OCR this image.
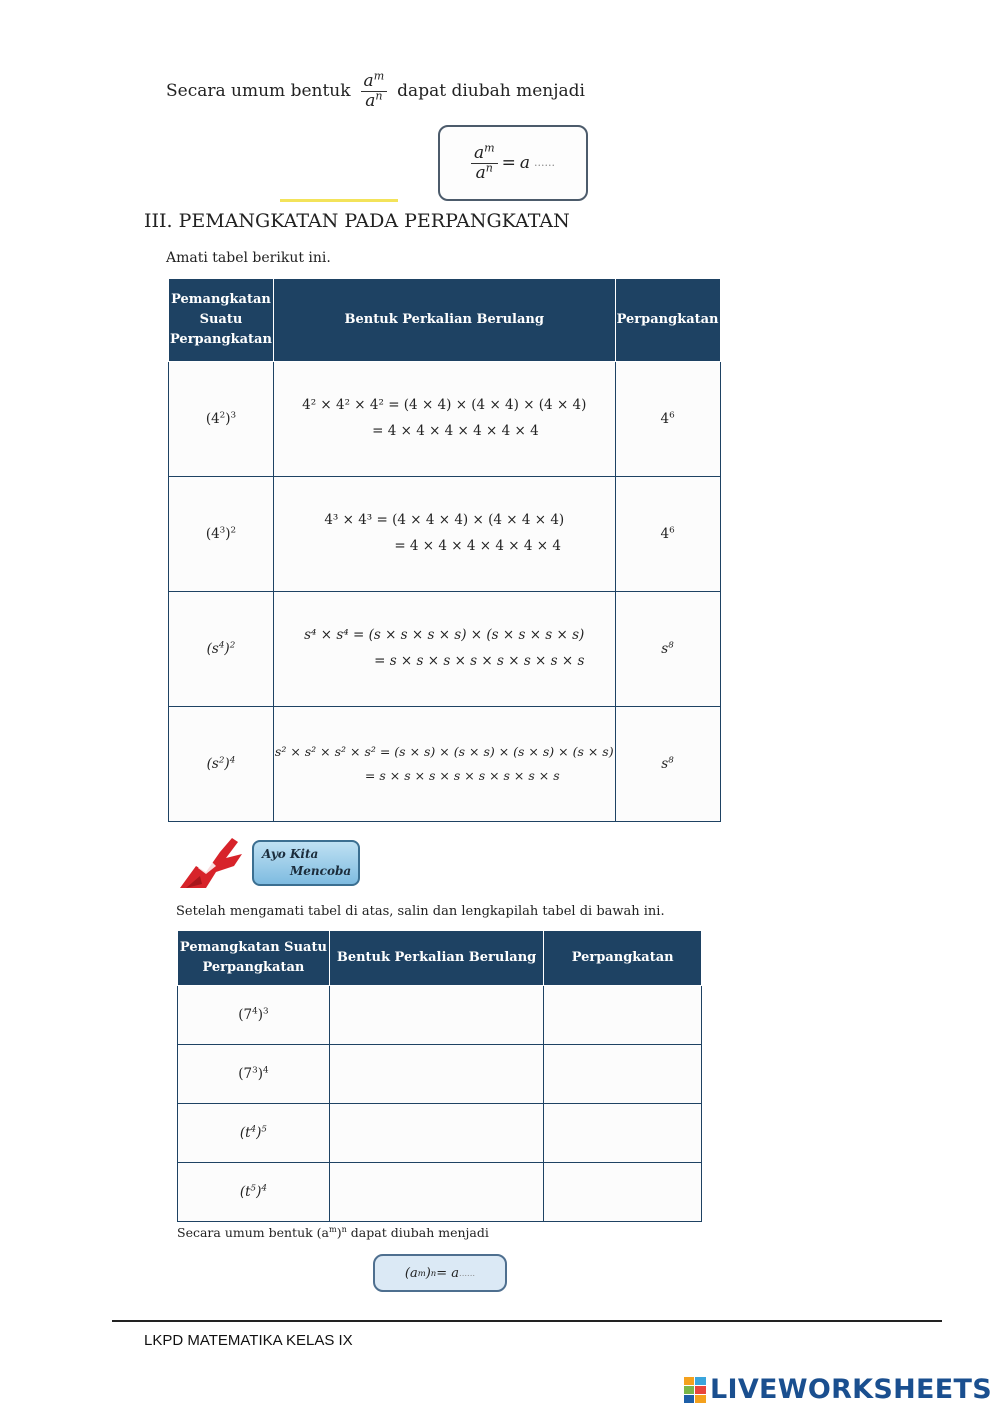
Secara umum bentuk $\frac{a^m}{a^n}$ dapat diubah menjadi
$\frac{a^m}{a^n} = a$ ......
III. PEMANGKATAN PADA PERPANGKATAN
Amati tabel berikut ini.
Pemangkatan Suatu Perpangkatan	Bentuk Perkalian Berulang	Perpangkatan
$(4^2)^3$	4² × 4² × 4² = (4 × 4) × (4 × 4) × (4 × 4)
= 4 × 4 × 4 × 4 × 4 × 4	$4^6$
$(4^3)^2$	4³ × 4³ = (4 × 4 × 4) × (4 × 4 × 4)
= 4 × 4 × 4 × 4 × 4 × 4	$4^6$
$(s^4)^2$	s⁴ × s⁴ = (s × s × s × s) × (s × s × s × s)
= s × s × s × s × s × s × s × s	$s^8$
$(s^2)^4$	s² × s² × s² × s² = (s × s) × (s × s) × (s × s) × (s × s)
= s × s × s × s × s × s × s × s	$s^8$
Ayo Kita
Mencoba
Setelah mengamati tabel di atas, salin dan lengkapilah tabel di bawah ini.
Pemangkatan Suatu Perpangkatan	Bentuk Perkalian Berulang	Perpangkatan
$(7^4)^3$		
$(7^3)^4$		
$(t^4)^5$		
$(t^5)^4$		
Secara umum bentuk $(a^m)^n$ dapat diubah menjadi
(a m ) n = a ......
LKPD MATEMATIKA KELAS IX
LIVEWORKSHEETS
